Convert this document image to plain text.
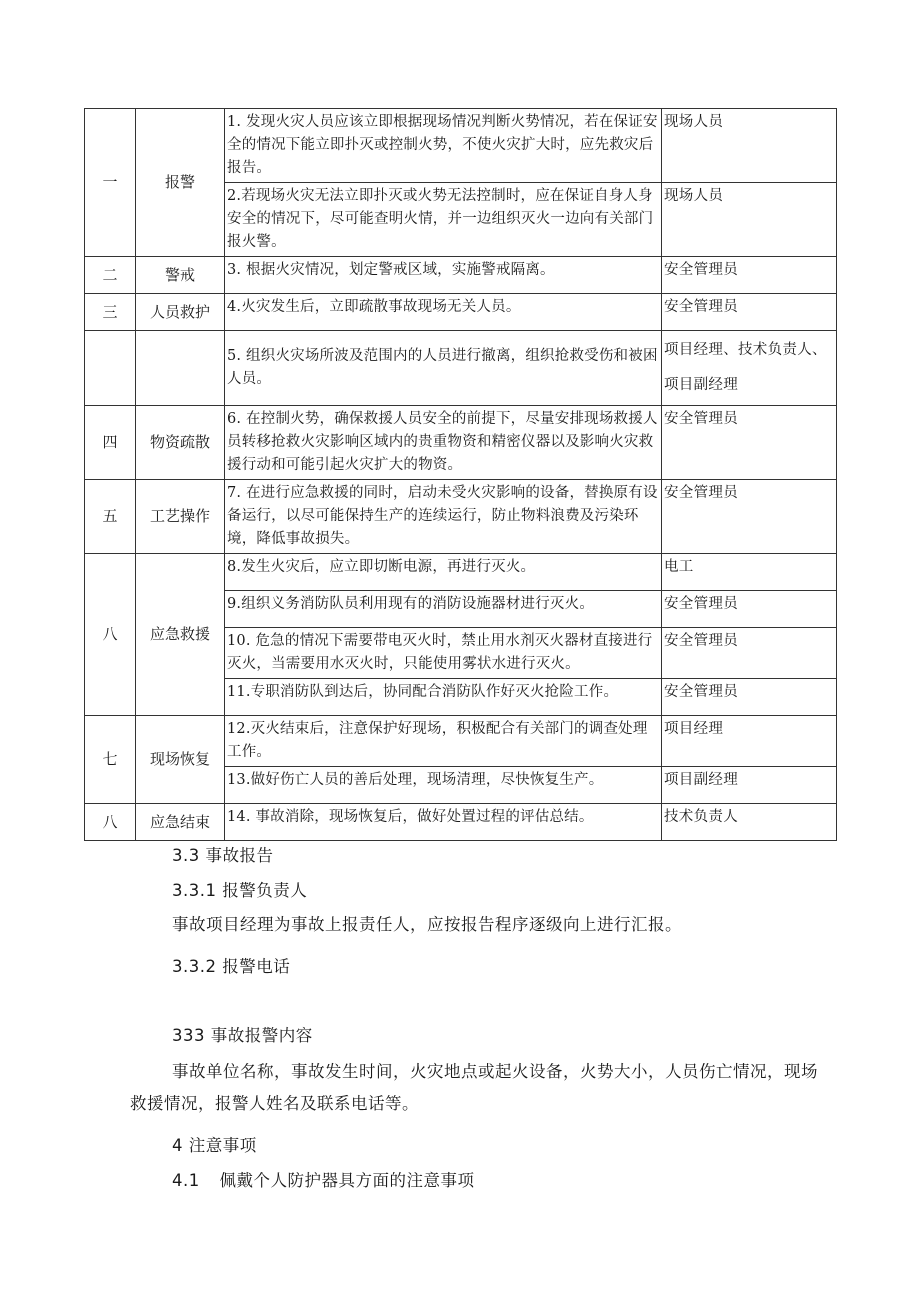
一	报警	1. 发现火灾人员应该立即根据现场情况判断火势情况，若在保证安全的情况下能立即扑灭或控制火势，不使火灾扩大时，应先救灾后报告。	现场人员
		2.若现场火灾无法立即扑灭或火势无法控制时，应在保证自身人身安全的情况下，尽可能查明火情，并一边组织灭火一边向有关部门报火警。	现场人员
二	警戒	3. 根据火灾情况，划定警戒区域，实施警戒隔离。	安全管理员
三	人员救护	4.火灾发生后，立即疏散事故现场无关人员。	安全管理员
		5. 组织火灾场所波及范围内的人员进行撤离，组织抢救受伤和被困人员。	项目经理、技术负责人、项目副经理
四	物资疏散	6. 在控制火势，确保救援人员安全的前提下，尽量安排现场救援人员转移抢救火灾影响区域内的贵重物资和精密仪器以及影响火灾救援行动和可能引起火灾扩大的物资。	安全管理员
五	工艺操作	7. 在进行应急救援的同时，启动未受火灾影响的设备，替换原有设备运行，以尽可能保持生产的连续运行，防止物料浪费及污染环境，降低事故损失。	安全管理员
八	应急救援	8.发生火灾后，应立即切断电源，再进行灭火。	电工
		9.组织义务消防队员利用现有的消防设施器材进行灭火。	安全管理员
		10. 危急的情况下需要带电灭火时，禁止用水剂灭火器材直接进行灭火，当需要用水灭火时，只能使用雾状水进行灭火。	安全管理员
		11.专职消防队到达后，协同配合消防队作好灭火抢险工作。	安全管理员
七	现场恢复	12.灭火结束后，注意保护好现场，积极配合有关部门的调查处理工作。	项目经理
		13.做好伤亡人员的善后处理，现场清理，尽快恢复生产。	项目副经理
八	应急结束	14. 事故消除，现场恢复后，做好处置过程的评估总结。	技术负责人
3.3 事故报告
3.3.1 报警负责人
事故项目经理为事故上报责任人，应按报告程序逐级向上进行汇报。
3.3.2 报警电话
333 事故报警内容
事故单位名称，事故发生时间，火灾地点或起火设备，火势大小，人员伤亡情况，现场救援情况，报警人姓名及联系电话等。
4 注意事项
4.1 佩戴个人防护器具方面的注意事项
